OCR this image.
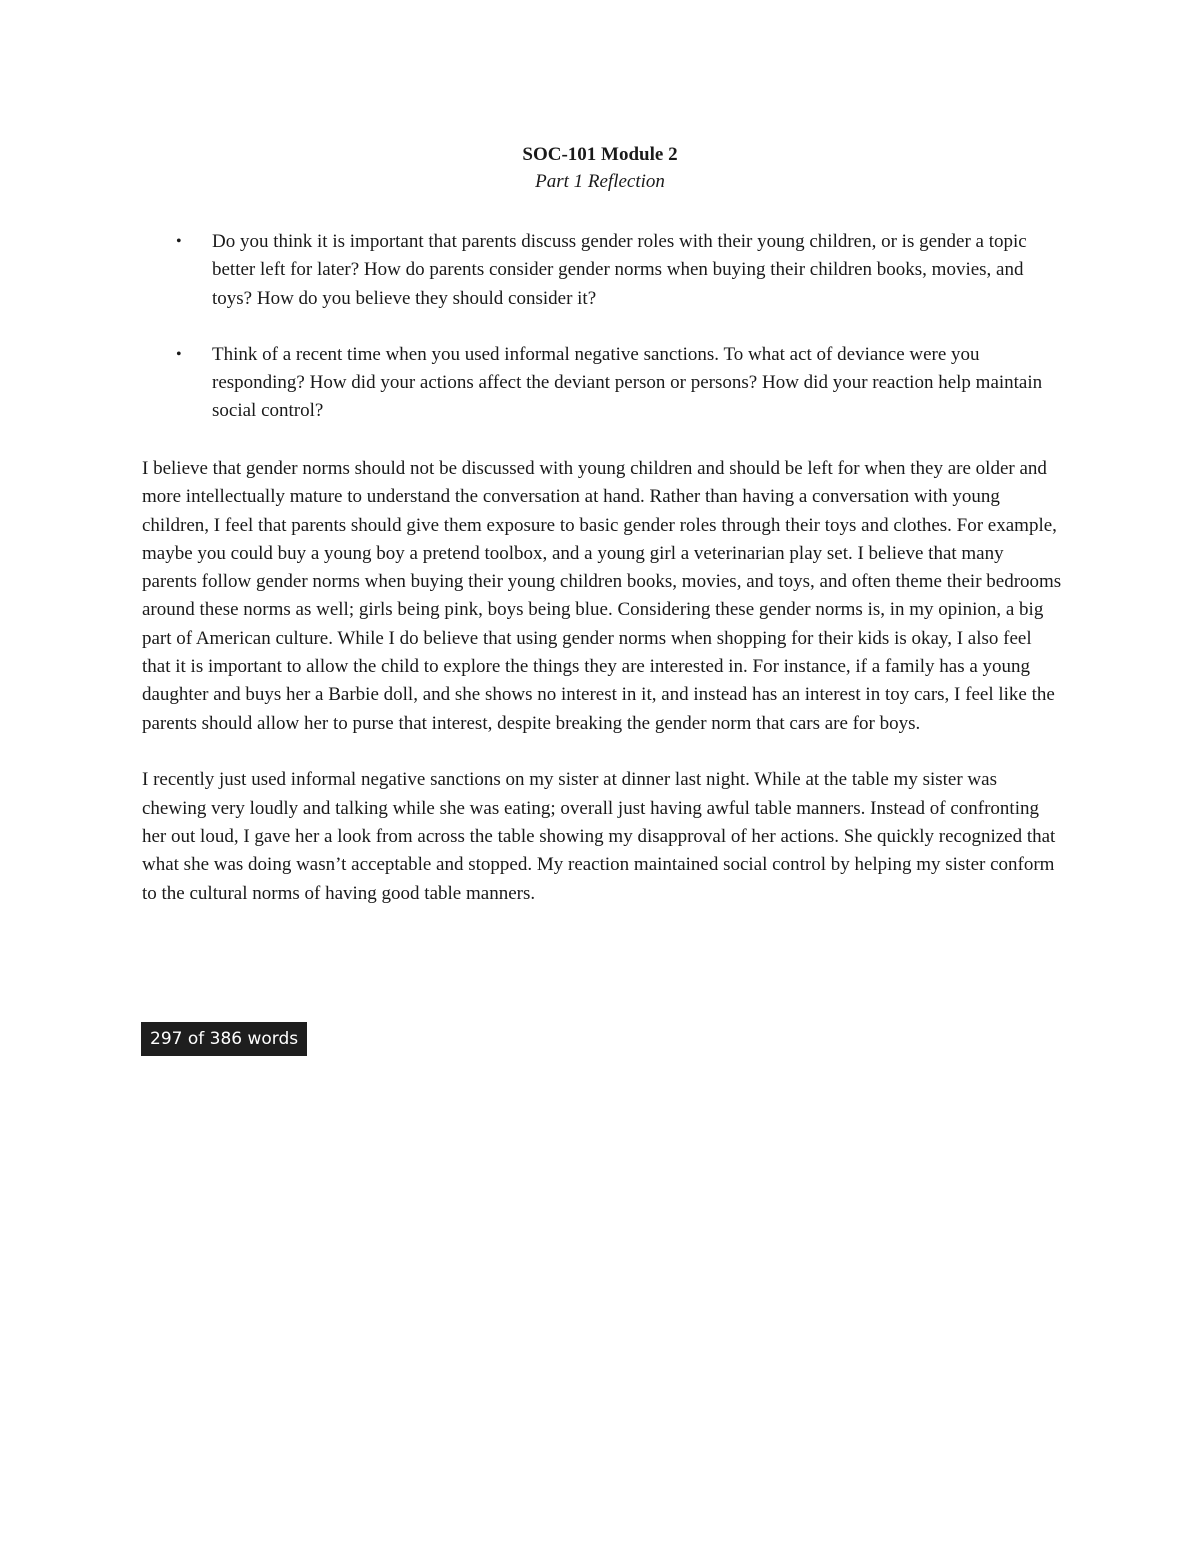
SOC-101 Module 2

Part 1 Reflection

• Do you think it is important that parents discuss gender roles with their young children, or is gender a topic better left for later? How do parents consider gender norms when buying their children books, movies, and toys? How do you believe they should consider it?
• Think of a recent time when you used informal negative sanctions. To what act of deviance were you responding? How did your actions affect the deviant person or persons? How did your reaction help maintain social control?

I believe that gender norms should not be discussed with young children and should be left for when they are older and more intellectually mature to understand the conversation at hand. Rather than having a conversation with young children, I feel that parents should give them exposure to basic gender roles through their toys and clothes. For example, maybe you could buy a young boy a pretend toolbox, and a young girl a veterinarian play set. I believe that many parents follow gender norms when buying their young children books, movies, and toys, and often theme their bedrooms around these norms as well; girls being pink, boys being blue. Considering these gender norms is, in my opinion, a big part of American culture. While I do believe that using gender norms when shopping for their kids is okay, I also feel that it is important to allow the child to explore the things they are interested in. For instance, if a family has a young daughter and buys her a Barbie doll, and she shows no interest in it, and instead has an interest in toy cars, I feel like the parents should allow her to purse that interest, despite breaking the gender norm that cars are for boys.

I recently just used informal negative sanctions on my sister at dinner last night. While at the table my sister was chewing very loudly and talking while she was eating; overall just having awful table manners. Instead of confronting her out loud, I gave her a look from across the table showing my disapproval of her actions. She quickly recognized that what she was doing wasn’t acceptable and stopped. My reaction maintained social control by helping my sister conform to the cultural norms of having good table manners.

297 of 386 words
